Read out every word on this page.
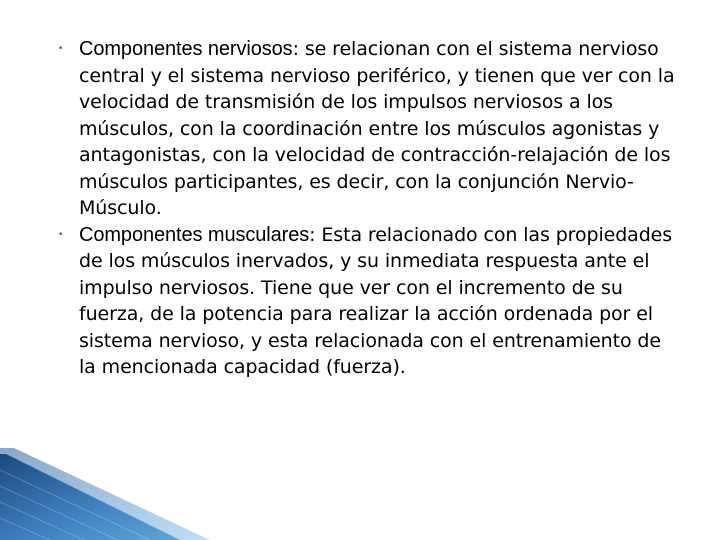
• Componentes nerviosos: se relacionan con el sistema nervioso central y el sistema nervioso periférico, y tienen que ver con la velocidad de transmisión de los impulsos nerviosos a los músculos, con la coordinación entre los músculos agonistas y antagonistas, con la velocidad de contracción-relajación de los músculos participantes, es decir, con la conjunción Nervio-Músculo.
• Componentes musculares: Esta relacionado con las propiedades de los músculos inervados, y su inmediata respuesta ante el impulso nerviosos. Tiene que ver con el incremento de su fuerza, de la potencia para realizar la acción ordenada por el sistema nervioso, y esta relacionada con el entrenamiento de la mencionada capacidad (fuerza).
